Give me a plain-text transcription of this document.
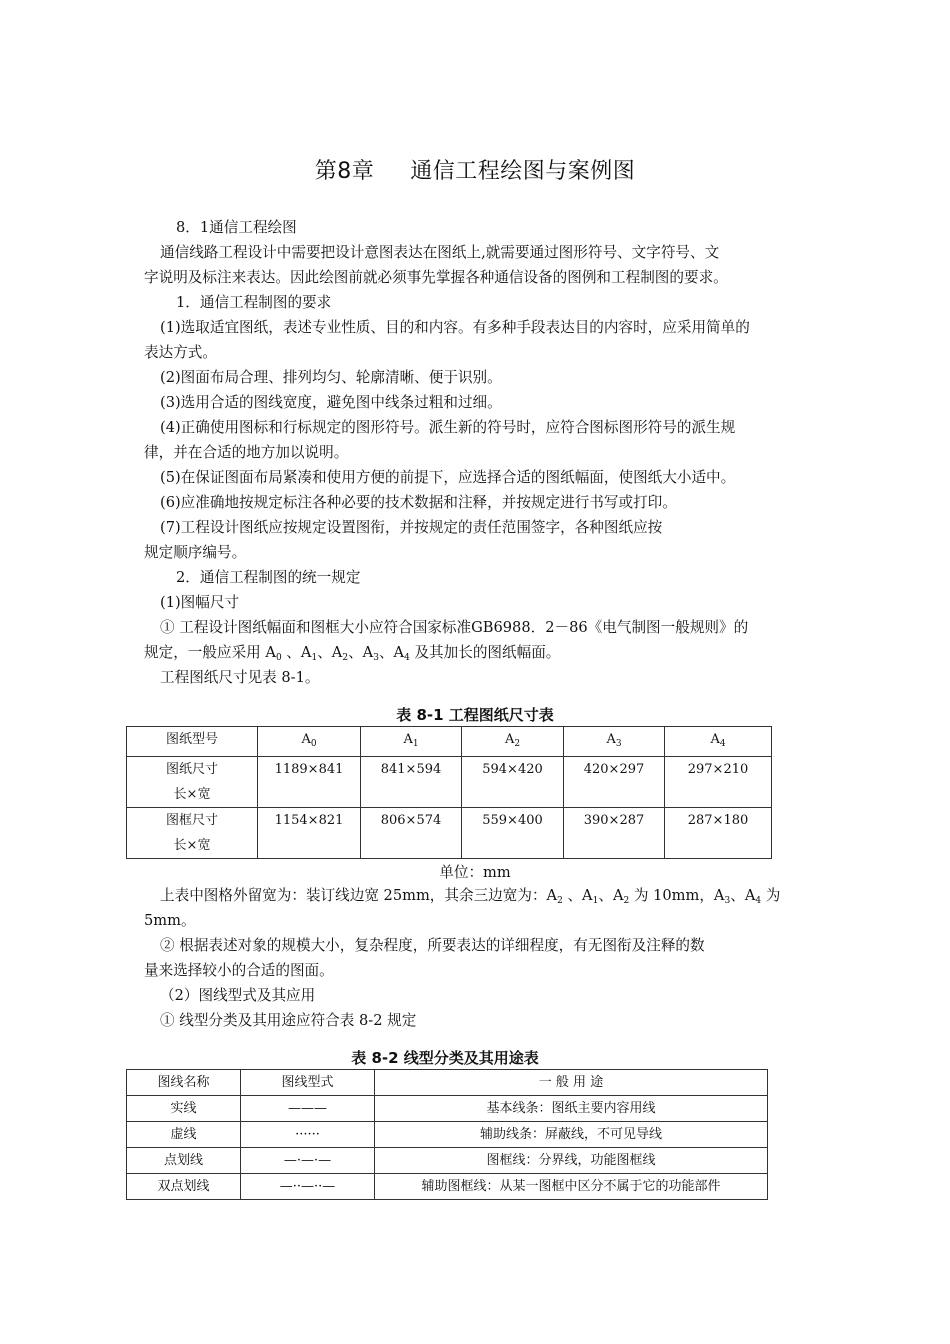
第8章 通信工程绘图与案例图
8．1通信工程绘图
通信线路工程设计中需要把设计意图表达在图纸上,就需要通过图形符号、文字符号、文
字说明及标注来表达。因此绘图前就必须事先掌握各种通信设备的图例和工程制图的要求。
1．通信工程制图的要求
(1)选取适宜图纸，表述专业性质、目的和内容。有多种手段表达目的内容时，应采用简单的
表达方式。
(2)图面布局合理、排列均匀、轮廓清晰、便于识别。
(3)选用合适的图线宽度，避免图中线条过粗和过细。
(4)正确使用图标和行标规定的图形符号。派生新的符号时，应符合图标图形符号的派生规
律，并在合适的地方加以说明。
(5)在保证图面布局紧凑和使用方便的前提下，应选择合适的图纸幅面，使图纸大小适中。
(6)应准确地按规定标注各种必要的技术数据和注释，并按规定进行书写或打印。
(7)工程设计图纸应按规定设置图衔，并按规定的责任范围签字，各种图纸应按
规定顺序编号。
2．通信工程制图的统一规定
(1)图幅尺寸
① 工程设计图纸幅面和图框大小应符合国家标准GB6988．2－86《电气制图一般规则》的
规定，一般应采用 $A_0$ 、$A_1$、$A_2$、$A_3$、$A_4$ 及其加长的图纸幅面。
工程图纸尺寸见表 8-1。
表 8-1 工程图纸尺寸表
图纸型号	$A_0$	$A_1$	$A_2$	$A_3$	$A_4$

图纸尺寸
长×宽	1189×841	841×594	594×420	420×297	297×210

图框尺寸
长×宽	1154×821	806×574	559×400	390×287	287×180
单位：mm
上表中图格外留宽为：装订线边宽 25mm，其余三边宽为：$A_2$ 、$A_1$、$A_2$ 为 10mm，$A_3$、$A_4$ 为
5mm。
② 根据表述对象的规模大小，复杂程度，所要表达的详细程度，有无图衔及注释的数
量来选择较小的合适的图面。
（2）图线型式及其应用
① 线型分类及其用途应符合表 8-2 规定
表 8-2 线型分类及其用途表
图线名称	图线型式	一 般 用 途
实线	———	基本线条：图纸主要内容用线
虚线	······	辅助线条：屏蔽线，不可见导线
点划线	—·—·—	图框线：分界线，功能图框线
双点划线	—··—··—	辅助图框线：从某一图框中区分不属于它的功能部件
